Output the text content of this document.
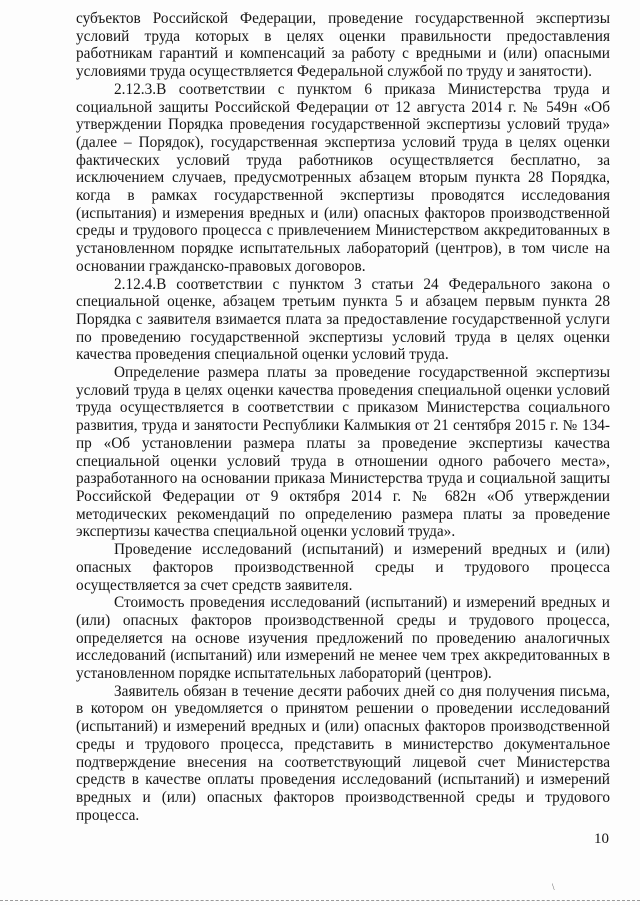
субъектов Российской Федерации, проведение государственной экспертизы условий труда которых в целях оценки правильности предоставления работникам гарантий и компенсаций за работу с вредными и (или) опасными условиями труда осуществляется Федеральной службой по труду и занятости).

2.12.3.В соответствии с пунктом 6 приказа Министерства труда и социальной защиты Российской Федерации от 12 августа 2014 г. № 549н «Об утверждении Порядка проведения государственной экспертизы условий труда» (далее – Порядок), государственная экспертиза условий труда в целях оценки фактических условий труда работников осуществляется бесплатно, за исключением случаев, предусмотренных абзацем вторым пункта 28 Порядка, когда в рамках государственной экспертизы проводятся исследования (испытания) и измерения вредных и (или) опасных факторов производственной среды и трудового процесса с привлечением Министерством аккредитованных в установленном порядке испытательных лабораторий (центров), в том числе на основании гражданско-правовых договоров.

2.12.4.В соответствии с пунктом 3 статьи 24 Федерального закона о специальной оценке, абзацем третьим пункта 5 и абзацем первым пункта 28 Порядка с заявителя взимается плата за предоставление государственной услуги по проведению государственной экспертизы условий труда в целях оценки качества проведения специальной оценки условий труда.

Определение размера платы за проведение государственной экспертизы условий труда в целях оценки качества проведения специальной оценки условий труда осуществляется в соответствии с приказом Министерства социального развития, труда и занятости Республики Калмыкия от 21 сентября 2015 г. № 134-пр «Об установлении размера платы за проведение экспертизы качества специальной оценки условий труда в отношении одного рабочего места», разработанного на основании приказа Министерства труда и социальной защиты Российской Федерации от 9 октября 2014 г. № 682н «Об утверждении методических рекомендаций по определению размера платы за проведение экспертизы качества специальной оценки условий труда».

Проведение исследований (испытаний) и измерений вредных и (или) опасных факторов производственной среды и трудового процесса осуществляется за счет средств заявителя.

Стоимость проведения исследований (испытаний) и измерений вредных и (или) опасных факторов производственной среды и трудового процесса, определяется на основе изучения предложений по проведению аналогичных исследований (испытаний) или измерений не менее чем трех аккредитованных в установленном порядке испытательных лабораторий (центров).

Заявитель обязан в течение десяти рабочих дней со дня получения письма, в котором он уведомляется о принятом решении о проведении исследований (испытаний) и измерений вредных и (или) опасных факторов производственной среды и трудового процесса, представить в министерство документальное подтверждение внесения на соответствующий лицевой счет Министерства средств в качестве оплаты проведения исследований (испытаний) и измерений вредных и (или) опасных факторов производственной среды и трудового процесса.

10
\
